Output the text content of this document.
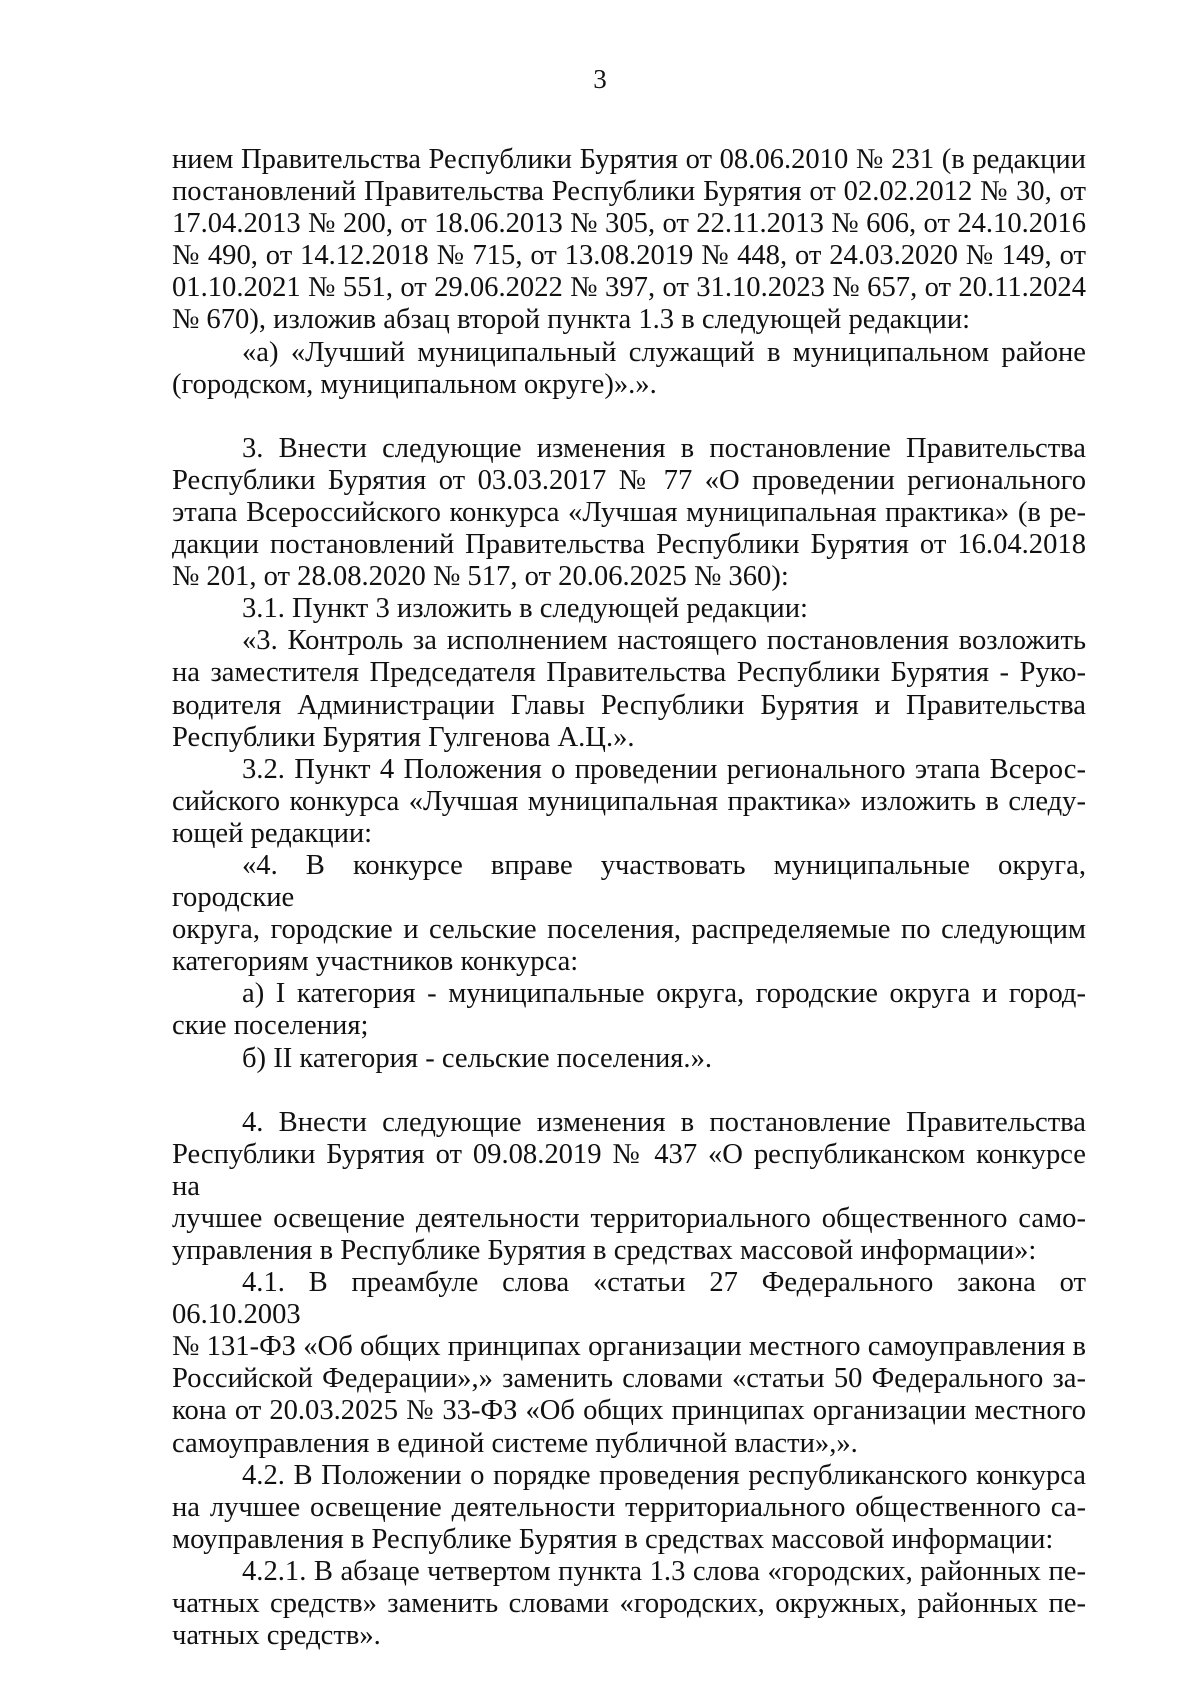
3
нием Правительства Республики Бурятия от 08.06.2010 № 231 (в редакции
постановлений Правительства Республики Бурятия от 02.02.2012 № 30, от
17.04.2013 № 200, от 18.06.2013 № 305, от 22.11.2013 № 606, от 24.10.2016
№ 490, от 14.12.2018 № 715, от 13.08.2019 № 448, от 24.03.2020 № 149, от
01.10.2021 № 551, от 29.06.2022 № 397, от 31.10.2023 № 657, от 20.11.2024
№ 670), изложив абзац второй пункта 1.3 в следующей редакции:
«а) «Лучший муниципальный служащий в муниципальном районе
(городском, муниципальном округе)».».
3. Внести следующие изменения в постановление Правительства
Республики Бурятия от 03.03.2017 № 77 «О проведении регионального
этапа Всероссийского конкурса «Лучшая муниципальная практика» (в ре-
дакции постановлений Правительства Республики Бурятия от 16.04.2018
№ 201, от 28.08.2020 № 517, от 20.06.2025 № 360):
3.1. Пункт 3 изложить в следующей редакции:
«3. Контроль за исполнением настоящего постановления возложить
на заместителя Председателя Правительства Республики Бурятия - Руко-
водителя Администрации Главы Республики Бурятия и Правительства
Республики Бурятия Гулгенова А.Ц.».
3.2. Пункт 4 Положения о проведении регионального этапа Всерос-
сийского конкурса «Лучшая муниципальная практика» изложить в следу-
ющей редакции:
«4. В конкурсе вправе участвовать муниципальные округа, городские
округа, городские и сельские поселения, распределяемые по следующим
категориям участников конкурса:
а) I категория - муниципальные округа, городские округа и город-
ские поселения;
б) II категория - сельские поселения.».
4. Внести следующие изменения в постановление Правительства
Республики Бурятия от 09.08.2019 № 437 «О республиканском конкурсе на
лучшее освещение деятельности территориального общественного само-
управления в Республике Бурятия в средствах массовой информации»:
4.1. В преамбуле слова «статьи 27 Федерального закона от 06.10.2003
№ 131-ФЗ «Об общих принципах организации местного самоуправления в
Российской Федерации»,» заменить словами «статьи 50 Федерального за-
кона от 20.03.2025 № 33-ФЗ «Об общих принципах организации местного
самоуправления в единой системе публичной власти»,».
4.2. В Положении о порядке проведения республиканского конкурса
на лучшее освещение деятельности территориального общественного са-
моуправления в Республике Бурятия в средствах массовой информации:
4.2.1. В абзаце четвертом пункта 1.3 слова «городских, районных пе-
чатных средств» заменить словами «городских, окружных, районных пе-
чатных средств».
